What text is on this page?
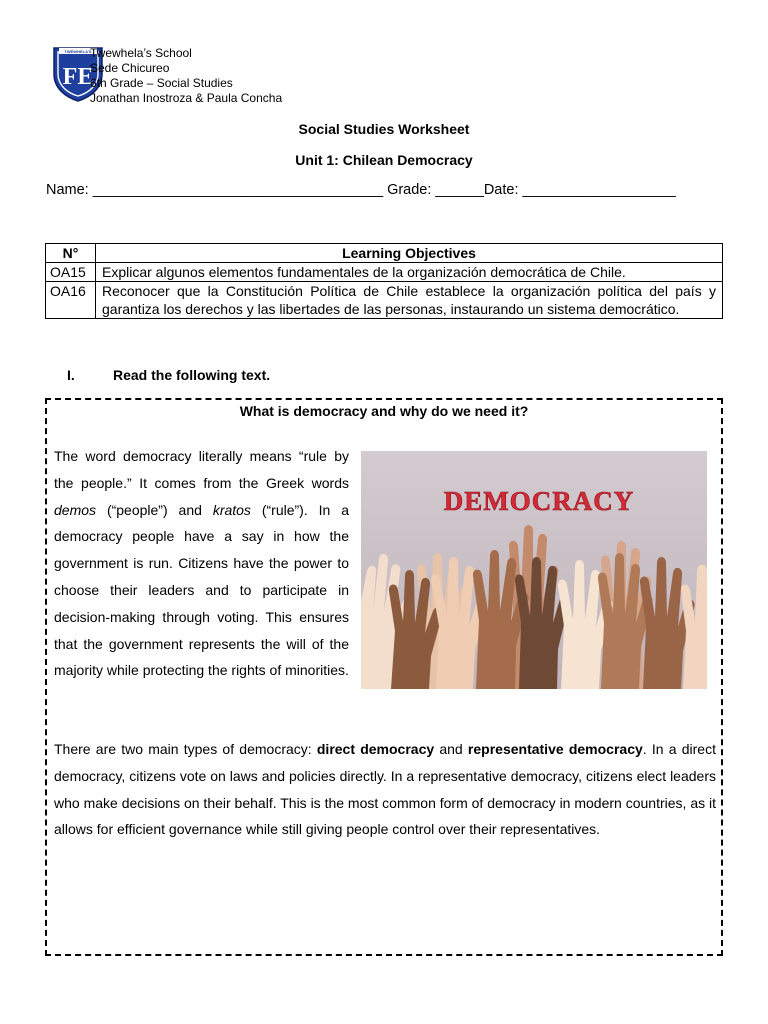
TWEWHELA'S
FE
Twewhela’s School
Sede Chicureo
6th Grade – Social Studies
Jonathan Inostroza & Paula Concha
Social Studies Worksheet
Unit 1: Chilean Democracy
Name: ____________________________________ Grade: ______Date: ___________________
N°	Learning Objectives
OA15	Explicar algunos elementos fundamentales de la organización democrática de Chile.
OA16	Reconocer que la Constitución Política de Chile establece la organización política del país y garantiza los derechos y las libertades de las personas, instaurando un sistema democrático.
I.	Read the following text.
What is democracy and why do we need it?
The word democracy literally means “rule by the people.” It comes from the Greek words demos (“people”) and kratos (“rule”). In a democracy people have a say in how the government is run. Citizens have the power to choose their leaders and to participate in decision-making through voting. This ensures that the government represents the will of the majority while protecting the rights of minorities.
DEMOCRACY
There are two main types of democracy: direct democracy and representative democracy. In a direct democracy, citizens vote on laws and policies directly. In a representative democracy, citizens elect leaders who make decisions on their behalf. This is the most common form of democracy in modern countries, as it allows for efficient governance while still giving people control over their representatives.
